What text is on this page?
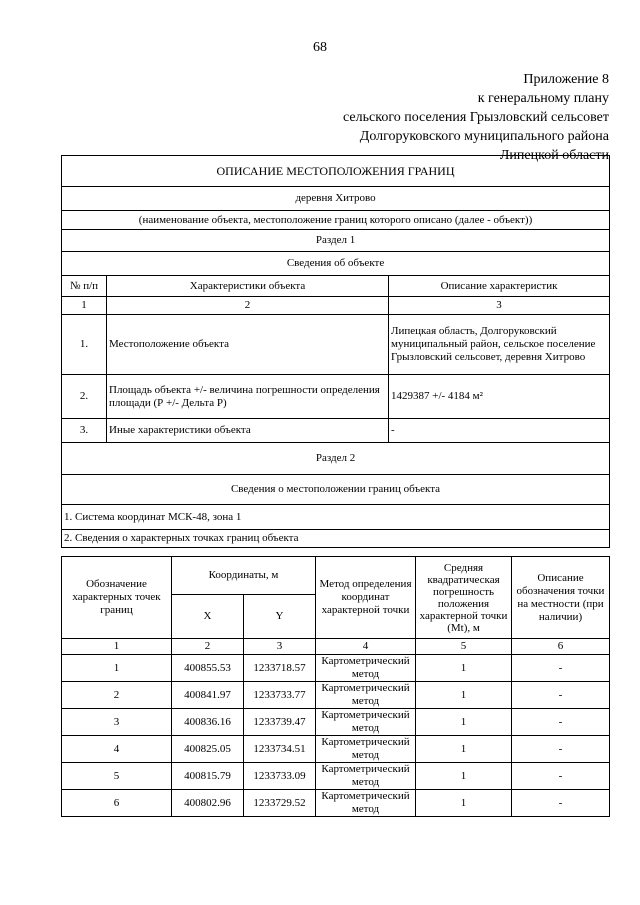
68
Приложение 8
к генеральному плану
сельского поселения Грызловский сельсовет
Долгоруковского муниципального района
Липецкой области
ОПИСАНИЕ МЕСТОПОЛОЖЕНИЯ ГРАНИЦ		
деревня Хитрово		
(наименование объекта, местоположение границ которого описано (далее - объект))		
Раздел 1		
Сведения об объекте		
№ п/п	Характеристики объекта	Описание характеристик
1	2	3
1.	Местоположение объекта	Липецкая область, Долгоруковский муниципальный район, сельское поселение Грызловский сельсовет, деревня Хитрово
2.	Площадь объекта +/- величина погрешности определения площади (Р +/- Дельта Р)	1429387 +/- 4184 м²
3.	Иные характеристики объекта	-
Раздел 2		
Сведения о местоположении границ объекта		
1. Система координат МСК-48, зона 1		
2. Сведения о характерных точках границ объекта		
Обозначение характерных точек границ	Координаты, м		Метод определения координат характерной точки	Средняя квадратическая погрешность положения характерной точки (Mt), м	Описание обозначения точки на местности (при наличии)
	X	Y			
1	2	3	4	5	6
1	400855.53	1233718.57	Картометрический метод	1	-
2	400841.97	1233733.77	Картометрический метод	1	-
3	400836.16	1233739.47	Картометрический метод	1	-
4	400825.05	1233734.51	Картометрический метод	1	-
5	400815.79	1233733.09	Картометрический метод	1	-
6	400802.96	1233729.52	Картометрический метод	1	-
